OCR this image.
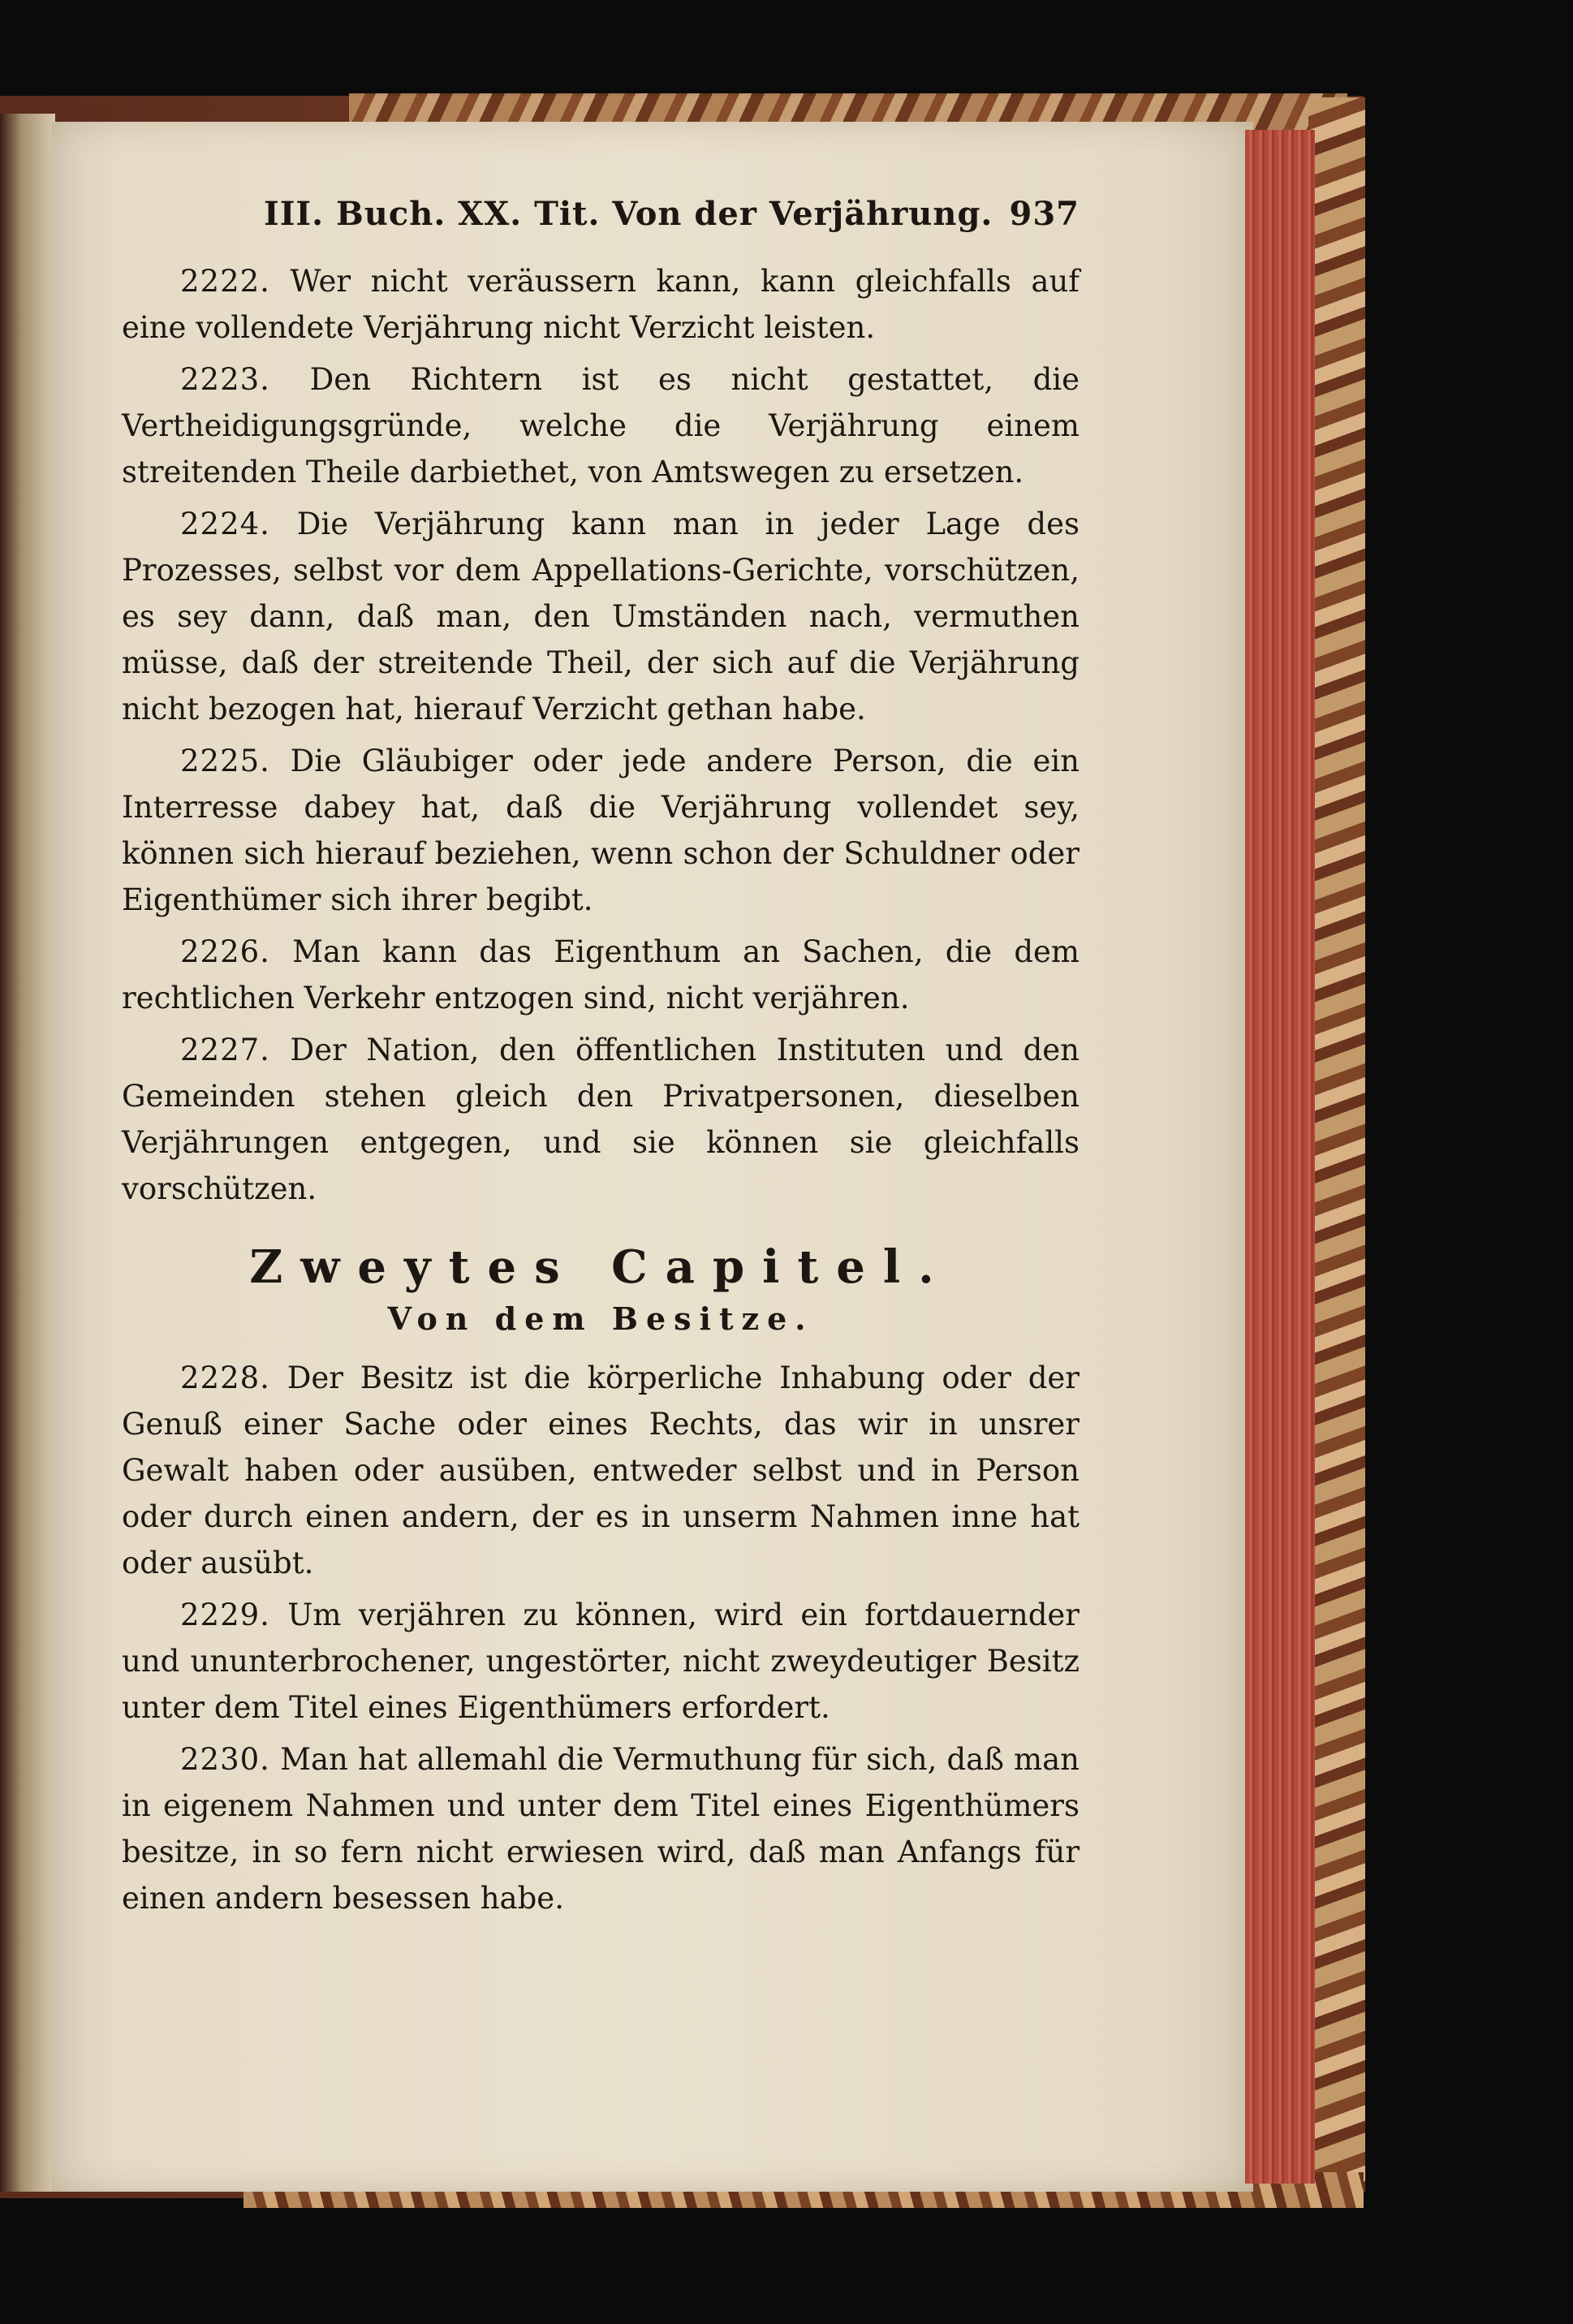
III. Buch. XX. Tit. Von der Verjährung. 937

2222. Wer nicht veräussern kann, kann gleichfalls auf eine vollendete Verjährung nicht Verzicht leisten.

2223. Den Richtern ist es nicht gestattet, die Vertheidigungsgründe, welche die Verjährung einem streitenden Theile darbiethet, von Amtswegen zu ersetzen.

2224. Die Verjährung kann man in jeder Lage des Prozesses, selbst vor dem Appellations-Gerichte, vorschützen, es sey dann, daß man, den Umständen nach, vermuthen müsse, daß der streitende Theil, der sich auf die Verjährung nicht bezogen hat, hierauf Verzicht gethan habe.

2225. Die Gläubiger oder jede andere Person, die ein Interresse dabey hat, daß die Verjährung vollendet sey, können sich hierauf beziehen, wenn schon der Schuldner oder Eigenthümer sich ihrer begibt.

2226. Man kann das Eigenthum an Sachen, die dem rechtlichen Verkehr entzogen sind, nicht verjähren.

2227. Der Nation, den öffentlichen Instituten und den Gemeinden stehen gleich den Privatpersonen, dieselben Verjährungen entgegen, und sie können sie gleichfalls vorschützen.

Zweytes Capitel.
Von dem Besitze.

2228. Der Besitz ist die körperliche Inhabung oder der Genuß einer Sache oder eines Rechts, das wir in unsrer Gewalt haben oder ausüben, entweder selbst und in Person oder durch einen andern, der es in unserm Nahmen inne hat oder ausübt.

2229. Um verjähren zu können, wird ein fortdauernder und ununterbrochener, ungestörter, nicht zweydeutiger Besitz unter dem Titel eines Eigenthümers erfordert.

2230. Man hat allemahl die Vermuthung für sich, daß man in eigenem Nahmen und unter dem Titel eines Eigenthümers besitze, in so fern nicht erwiesen wird, daß man Anfangs für einen andern besessen habe.
